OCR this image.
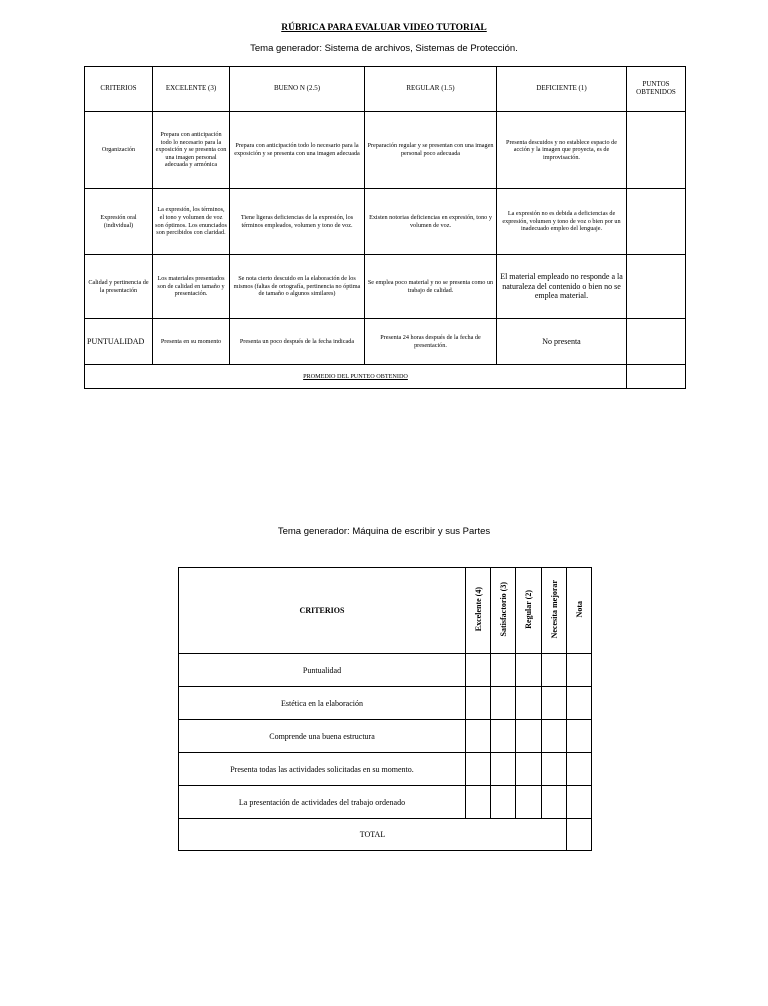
RÚBRICA PARA EVALUAR VIDEO TUTORIAL
Tema generador: Sistema de archivos, Sistemas de Protección.
CRITERIOS	EXCELENTE (3)	BUENO N (2.5)	REGULAR (1.5)	DEFICIENTE (1)	PUNTOS OBTENIDOS
Organización	Prepara con anticipación todo lo necesario para la exposición y se presenta con una imagen personal adecuada y armónica	Prepara con anticipación todo lo necesario para la exposición y se presenta con una imagen adecuada	Preparación regular y se presentan con una imagen personal poco adecuada	Presenta descuidos y no establece espacio de acción y la imagen que proyecta, es de improvisación.	
Expresión oral (individual)	La expresión, los términos, el tono y volumen de voz son óptimos. Los enunciados son percibidos con claridad.	Tiene ligeras deficiencias de la expresión, los términos empleados, volumen y tono de voz.	Existen notorias deficiencias en expresión, tono y volumen de voz.	La expresión no es debida a deficiencias de expresión, volumen y tono de voz o bien por un inadecuado empleo del lenguaje.	
Calidad y pertinencia de la presentación	Los materiales presentados son de calidad en tamaño y presentación.	Se nota cierto descuido en la elaboración de los mismos (faltas de ortografía, pertinencia no óptima de tamaño o algunos similares)	Se emplea poco material y no se presenta como un trabajo de calidad.	El material empleado no responde a la naturaleza del contenido o bien no se emplea material.	
PUNTUALIDAD	Presenta en su momento	Presenta un poco después de la fecha indicada	Presenta 24 horas después de la fecha de presentación.	No presenta	
PROMEDIO DEL PUNTEO OBTENIDO					
Tema generador: Máquina de escribir y sus Partes
CRITERIOS	Excelente (4)	Satisfactorio (3)	Regular (2)	Necesita mejorar	Nota
Puntualidad					
Estética en la elaboración					
Comprende una buena estructura					
Presenta todas las actividades solicitadas en su momento.					
La presentación de actividades del trabajo ordenado					
TOTAL					
